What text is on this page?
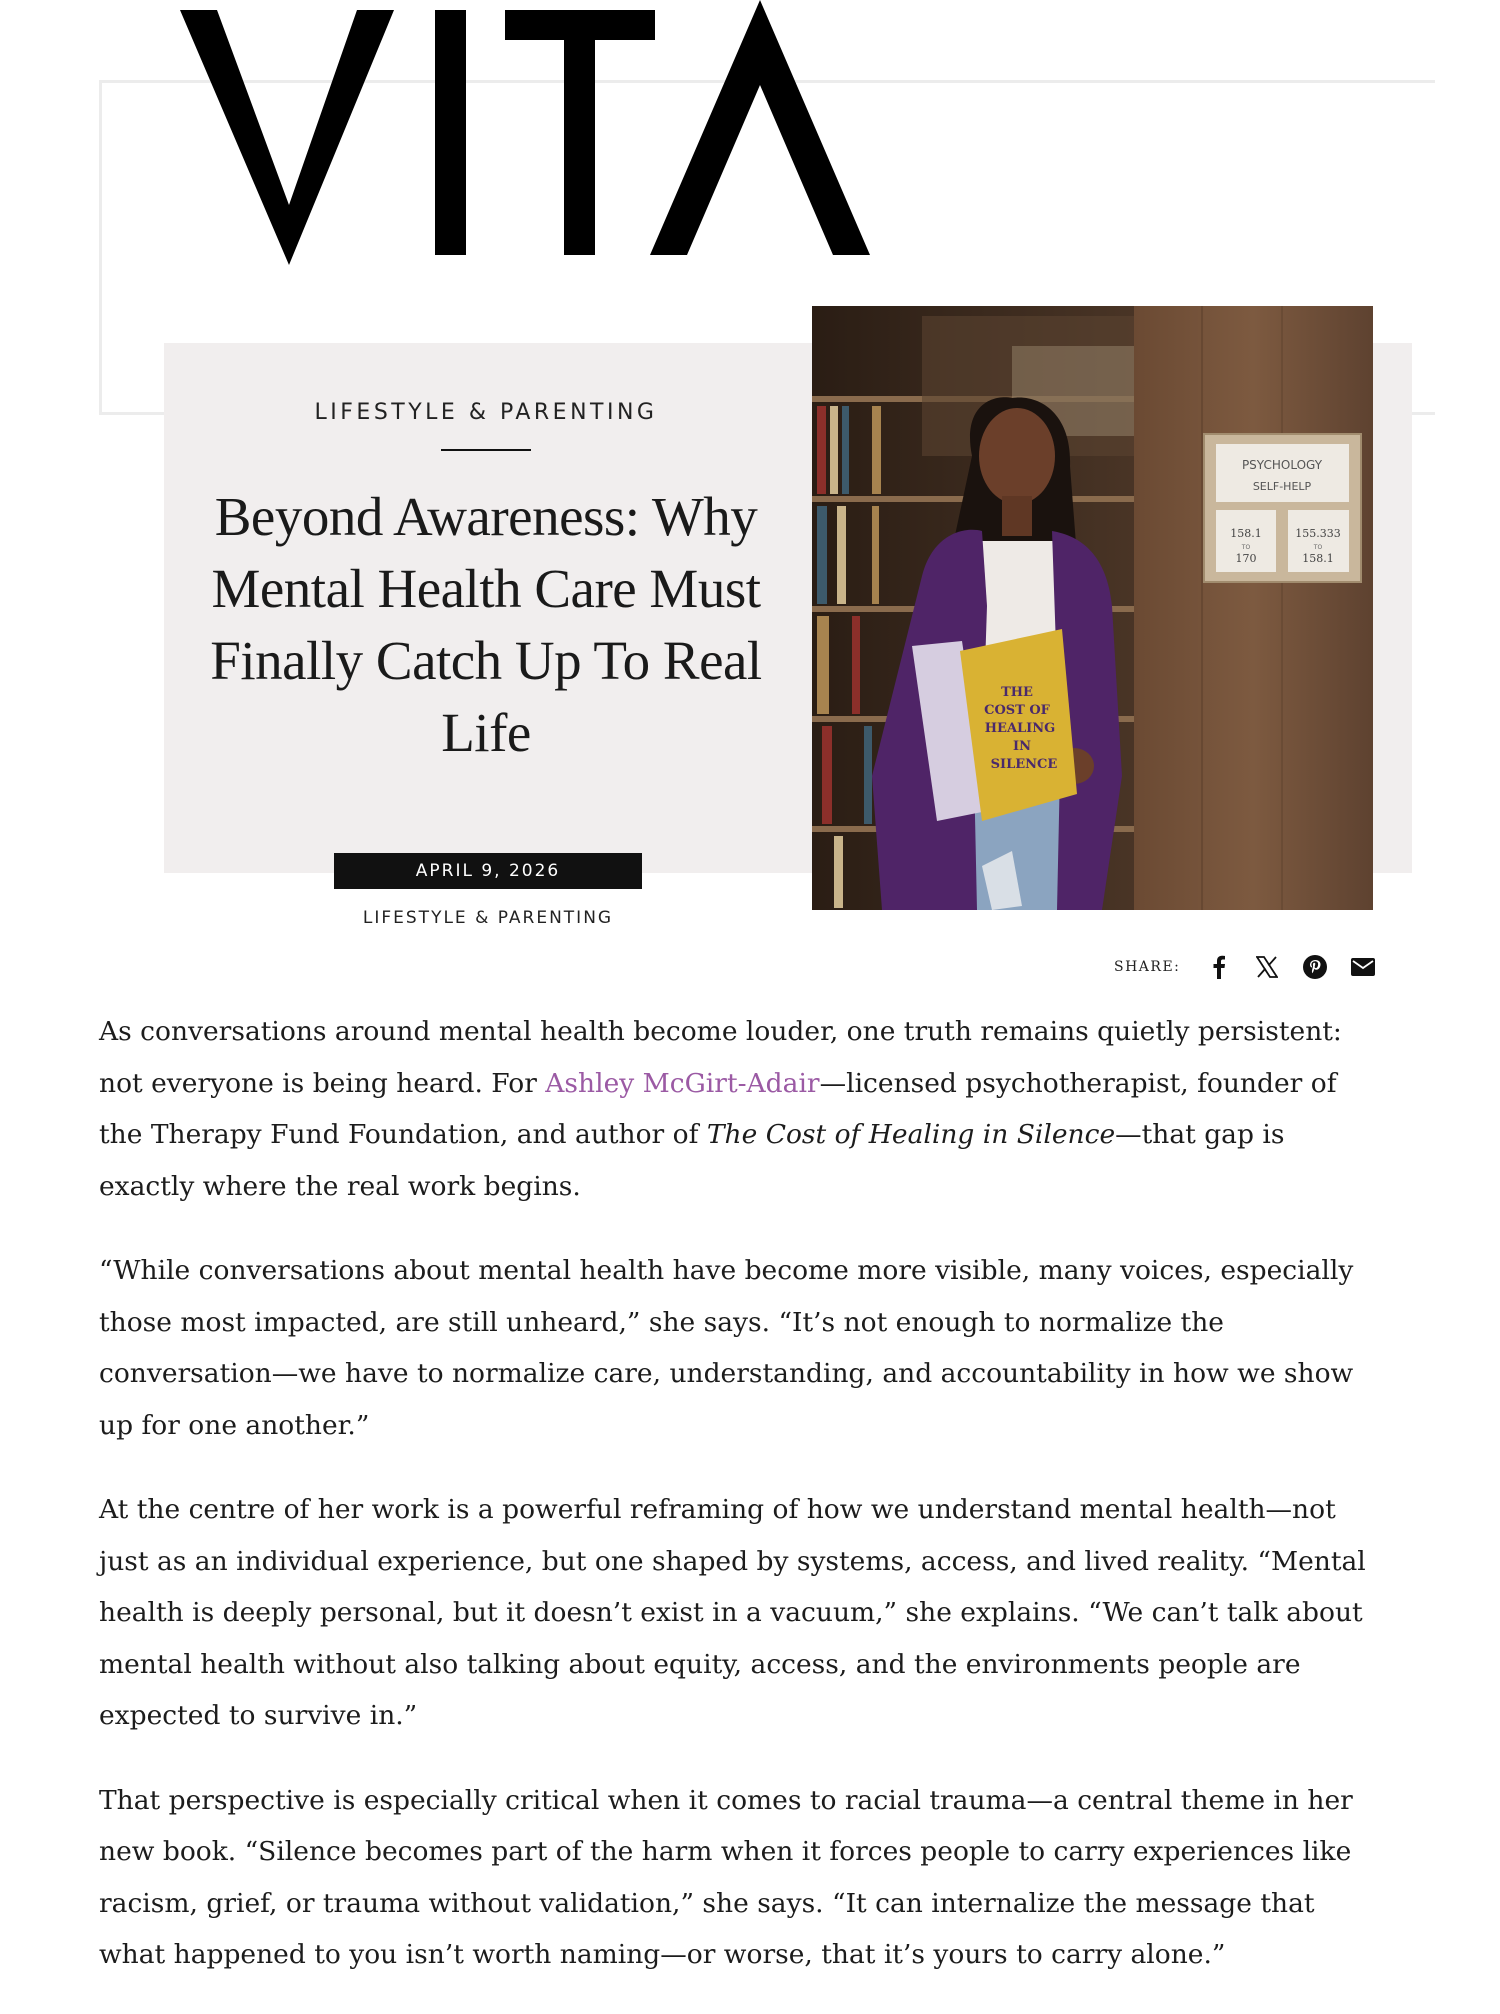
LIFESTYLE & PARENTING
Beyond Awareness: Why Mental Health Care Must Finally Catch Up To Real Life
APRIL 9, 2026
LIFESTYLE & PARENTING
PSYCHOLOGY
SELF-HELP
158.1
TO
170
155.333
TO
158.1
THE
COST OF
HEALING
IN
SILENCE
SHARE:

As conversations around mental health become louder, one truth remains quietly persistent: not everyone is being heard. For Ashley McGirt-Adair—licensed psychotherapist, founder of the Therapy Fund Foundation, and author of The Cost of Healing in Silence—that gap is exactly where the real work begins.

“While conversations about mental health have become more visible, many voices, especially those most impacted, are still unheard,” she says. “It’s not enough to normalize the conversation—we have to normalize care, understanding, and accountability in how we show up for one another.”

At the centre of her work is a powerful reframing of how we understand mental health—not just as an individual experience, but one shaped by systems, access, and lived reality. “Mental health is deeply personal, but it doesn’t exist in a vacuum,” she explains. “We can’t talk about mental health without also talking about equity, access, and the environments people are expected to survive in.”

That perspective is especially critical when it comes to racial trauma—a central theme in her new book. “Silence becomes part of the harm when it forces people to carry experiences like racism, grief, or trauma without validation,” she says. “It can internalize the message that what happened to you isn’t worth naming—or worse, that it’s yours to carry alone.”
